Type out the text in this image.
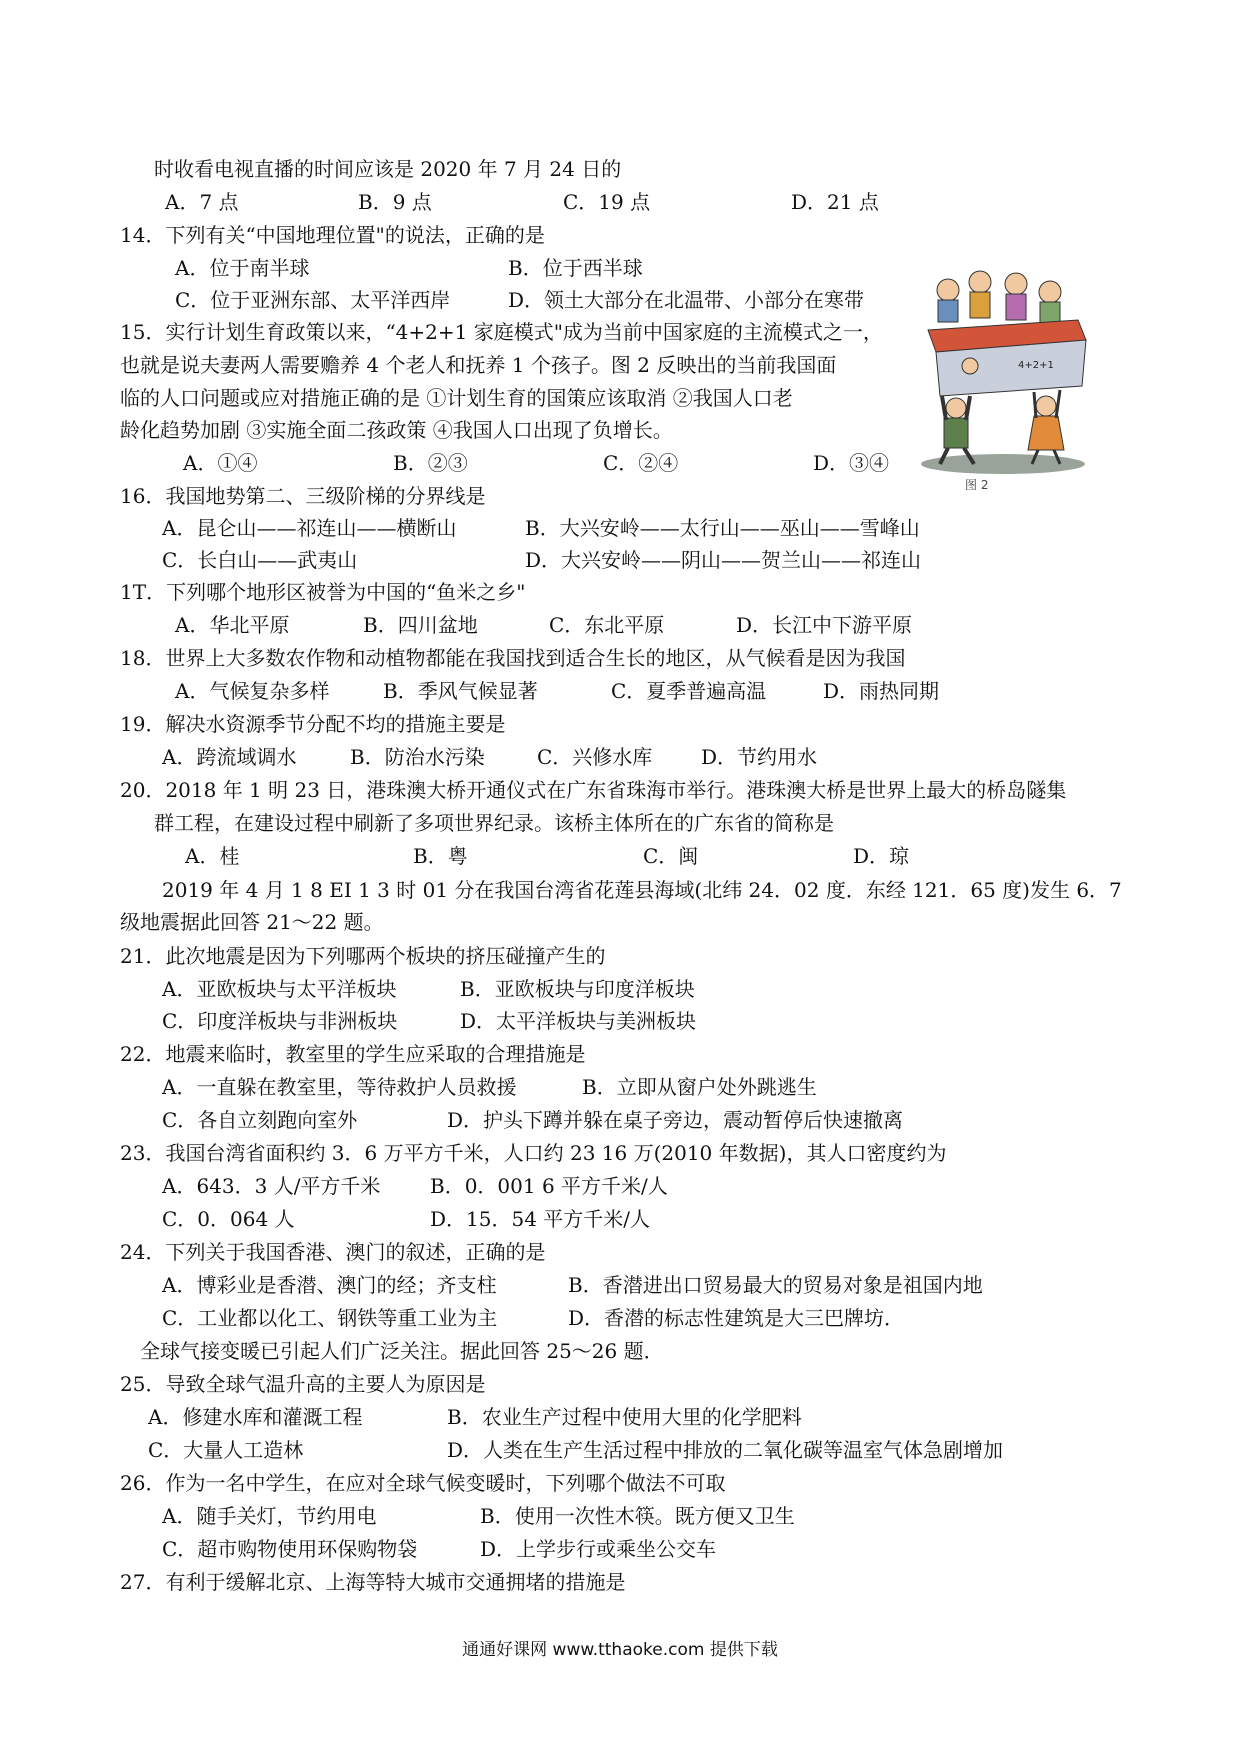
4+2+1
图 2
时收看电视直播的时间应该是 2020 年 7 月 24 日的
A．7 点	B．9 点	C．19 点	D．21 点
14．下列有关“中国地理位置"的说法，正确的是
A．位于南半球	B．位于西半球
C．位于亚洲东部、太平洋西岸	D．领土大部分在北温带、小部分在寒带
15．实行计划生育政策以来，“4+2+1 家庭模式"成为当前中国家庭的主流模式之一，
也就是说夫妻两人需要赡养 4 个老人和抚养 1 个孩子。图 2 反映出的当前我国面
临的人口问题或应对措施正确的是 ①计划生育的国策应该取消 ②我国人口老
龄化趋势加剧 ③实施全面二孩政策 ④我国人口出现了负增长。
A．①④	B．②③	C．②④	D．③④
16．我国地势第二、三级阶梯的分界线是
A．昆仑山——祁连山——横断山	B．大兴安岭——太行山——巫山——雪峰山
C．长白山——武夷山	D．大兴安岭——阴山——贺兰山——祁连山
1T．下列哪个地形区被誉为中国的“鱼米之乡"
A．华北平原	B．四川盆地	C．东北平原	D．长江中下游平原
18．世界上大多数农作物和动植物都能在我国找到适合生长的地区，从气候看是因为我国
A．气候复杂多样	B．季风气候显著	C．夏季普遍高温	D．雨热同期
19．解决水资源季节分配不均的措施主要是
A．跨流域调水	B．防治水污染	C．兴修水库 D．节约用水
20．2018 年 1 明 23 日，港珠澳大桥开通仪式在广东省珠海市举行。港珠澳大桥是世界上最大的桥岛隧集
群工程，在建设过程中刷新了多项世界纪录。该桥主体所在的广东省的简称是
A．桂	B．粤	C．闽	D．琼
2019 年 4 月 1 8 EI 1 3 时 01 分在我国台湾省花莲县海域(北纬 24．02 度．东经 121．65 度)发生 6．7
级地震据此回答 21～22 题。
21．此次地震是因为下列哪两个板块的挤压碰撞产生的
A．亚欧板块与太平洋板块	B．亚欧板块与印度洋板块
C．印度洋板块与非洲板块	D．太平洋板块与美洲板块
22．地震来临时，教室里的学生应采取的合理措施是
A．一直躲在教室里，等待救护人员救援	B．立即从窗户处外跳逃生
C．各自立刻跑向室外	D．护头下蹲并躲在桌子旁边，震动暂停后快速撤离
23．我国台湾省面积约 3．6 万平方千米，人口约 23 16 万(2010 年数据)，其人口密度约为
A．643．3 人/平方千米 B．0．001 6 平方千米/人
C．0．064 人	D．15．54 平方千米/人
24．下列关于我国香港、澳门的叙述，正确的是
A．博彩业是香潜、澳门的经；齐支柱	B．香潜进出口贸易最大的贸易对象是祖国内地
C．工业都以化工、钢铁等重工业为主	D．香潜的标志性建筑是大三巴牌坊．
全球气接变暖已引起人们广泛关注。据此回答 25～26 题．
25．导致全球气温升高的主要人为原因是
A．修建水库和灌溉工程	B．农业生产过程中使用大里的化学肥料
C．大量人工造林	D．人类在生产生活过程中排放的二氧化碳等温室气体急剧增加
26．作为一名中学生，在应对全球气候变暖时，下列哪个做法不可取
A．随手关灯，节约用电	B．使用一次性木筷。既方便又卫生
C．超市购物使用环保购物袋	D．上学步行或乘坐公交车
27．有利于缓解北京、上海等特大城市交通拥堵的措施是
通通好课网 www.tthaoke.com 提供下载
